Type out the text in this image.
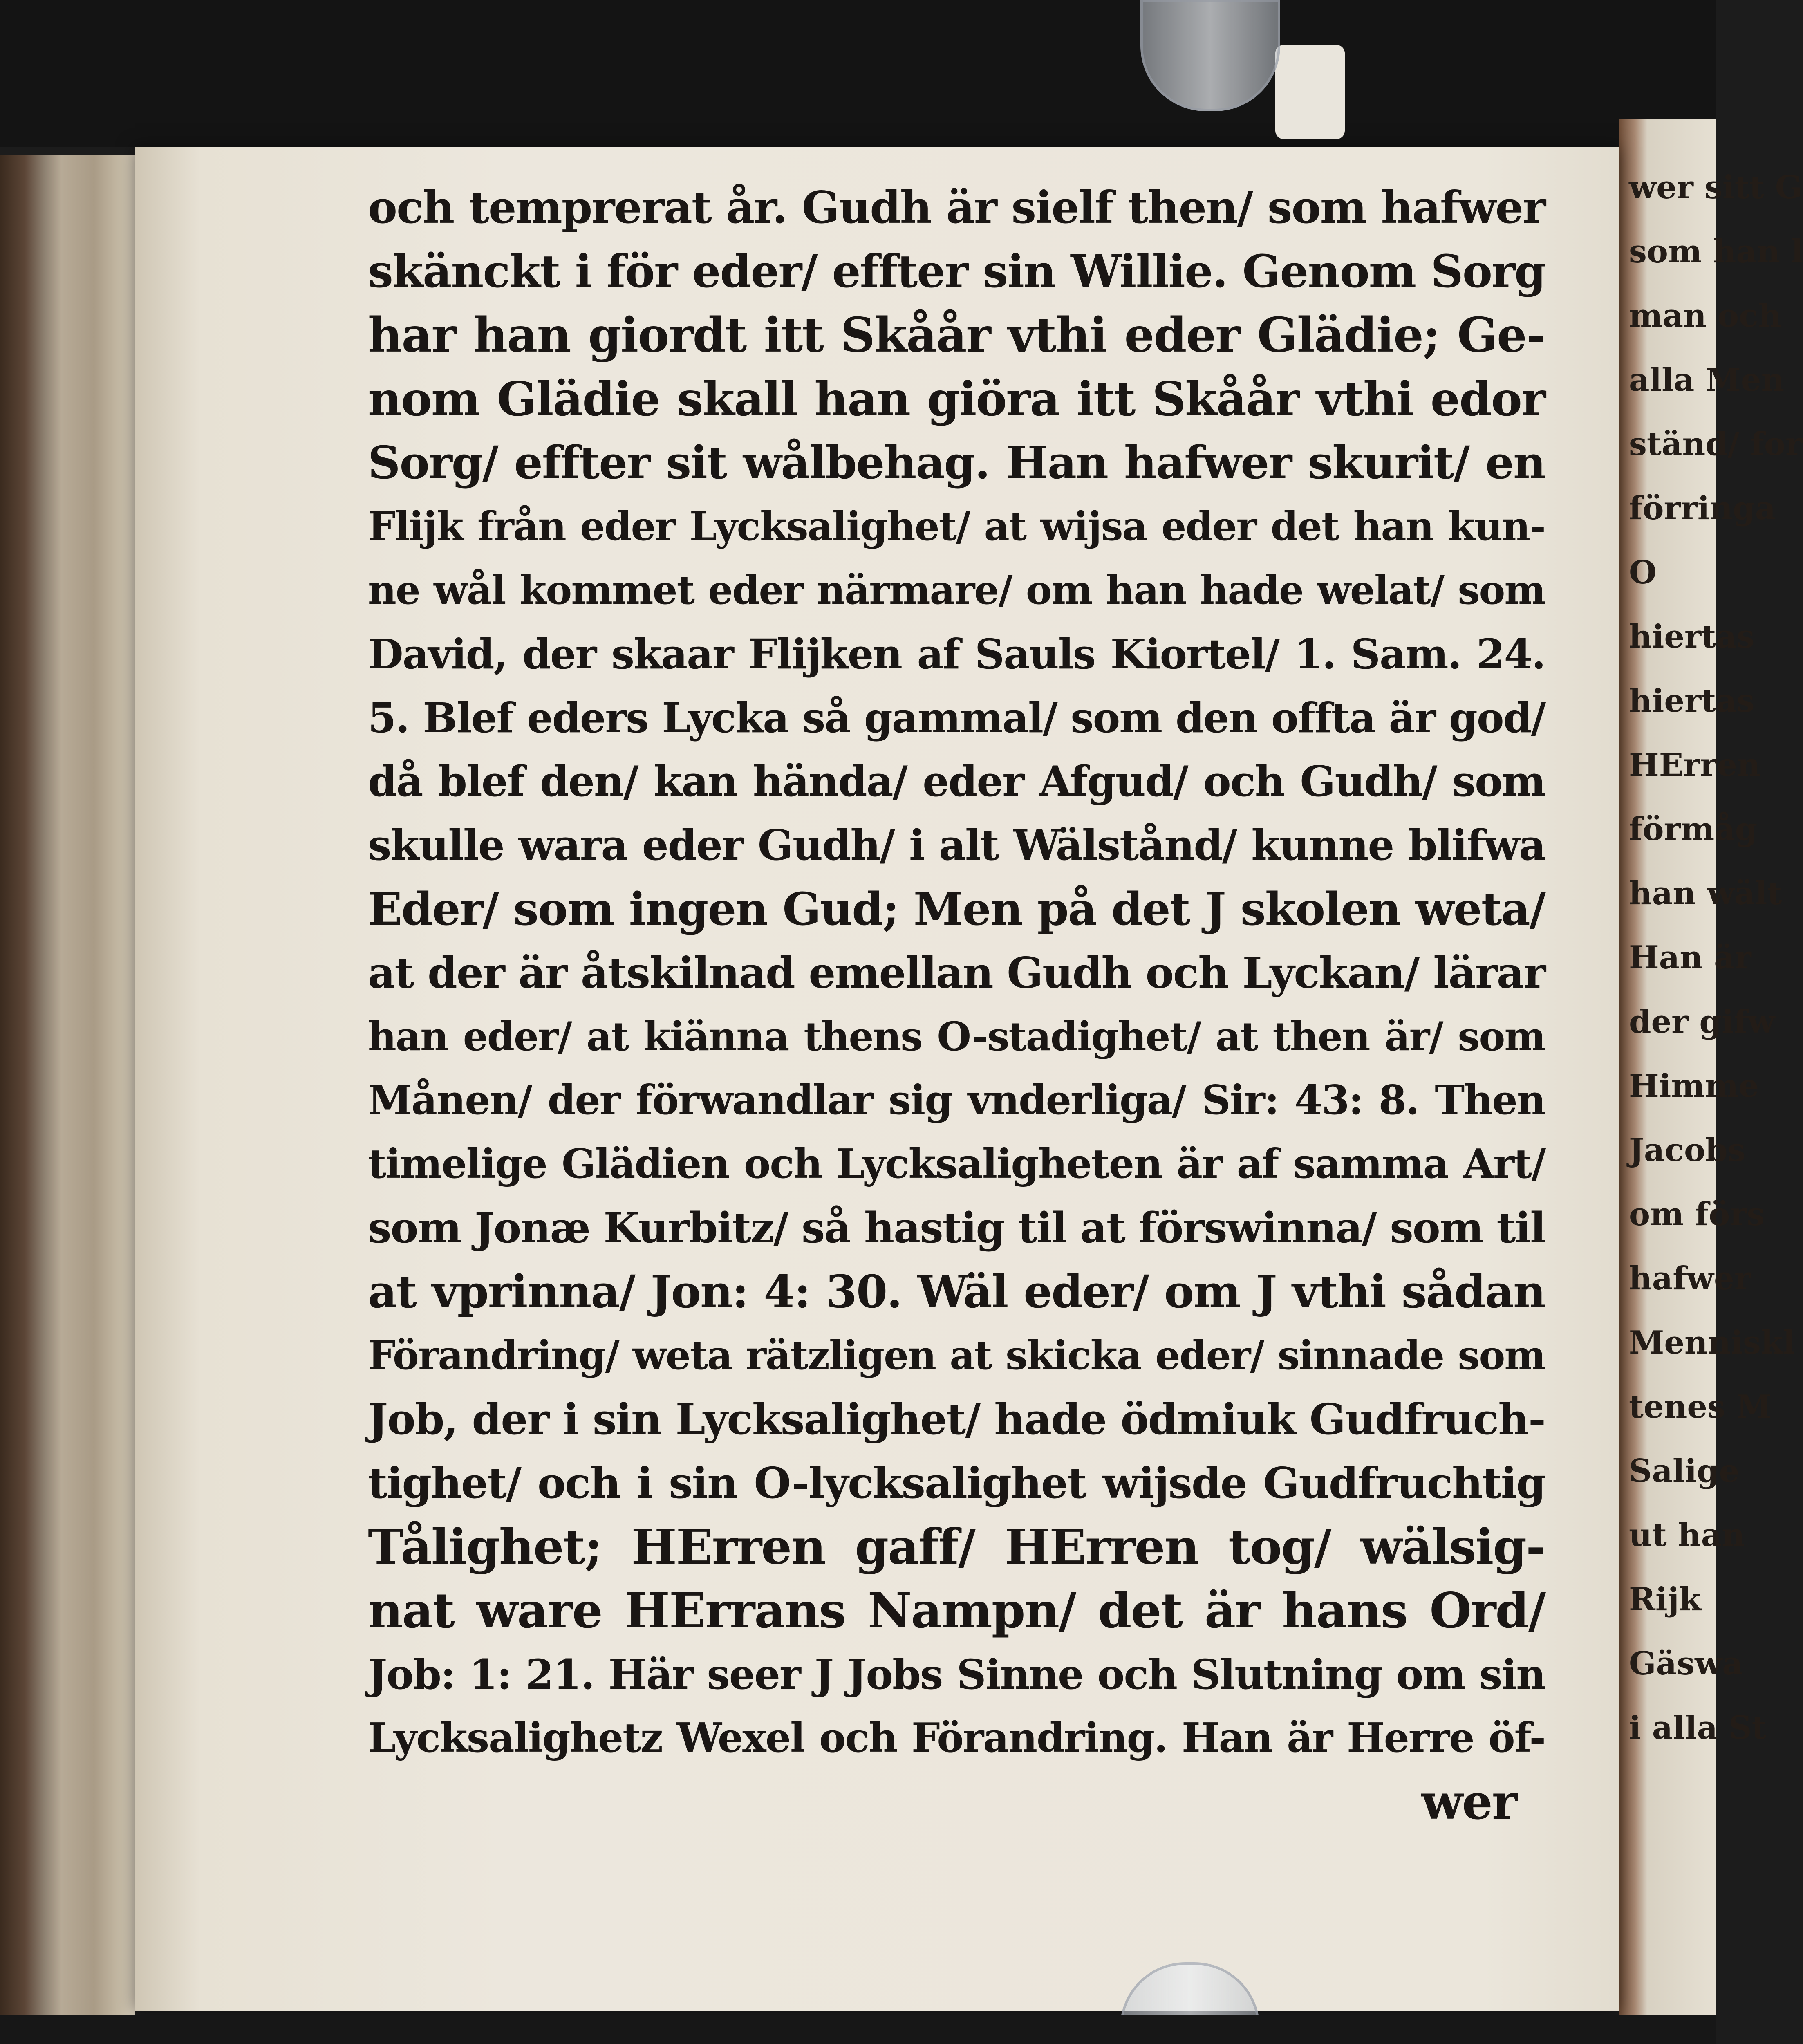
och temprerat år. Gudh är sielf then/ som hafwer
skänckt i för eder/ effter sin Willie. Genom Sorg
har han giordt itt Skåår vthi eder Glädie; Ge-
nom Glädie skall han giöra itt Skåår vthi edor
Sorg/ effter sit wålbehag. Han hafwer skurit/ en
Flijk från eder Lycksalighet/ at wijsa eder det han kun-
ne wål kommet eder närmare/ om han hade welat/ som
David, der skaar Flijken af Sauls Kiortel/ 1. Sam. 24.
5. Blef eders Lycka så gammal/ som den offta är god/
då blef den/ kan hända/ eder Afgud/ och Gudh/ som
skulle wara eder Gudh/ i alt Wälstånd/ kunne blifwa
Eder/ som ingen Gud; Men på det J skolen weta/
at der är åtskilnad emellan Gudh och Lyckan/ lärar
han eder/ at kiänna thens O-stadighet/ at then är/ som
Månen/ der förwandlar sig vnderliga/ Sir: 43: 8. Then
timelige Glädien och Lycksaligheten är af samma Art/
som Jonæ Kurbitz/ så hastig til at förswinna/ som til
at vprinna/ Jon: 4: 30. Wäl eder/ om J vthi sådan
Förandring/ weta rätzligen at skicka eder/ sinnade som
Job, der i sin Lycksalighet/ hade ödmiuk Gudfruch-
tighet/ och i sin O-lycksalighet wijsde Gudfruchtig
Tålighet; HErren gaff/ HErren tog/ wälsig-
nat ware HErrans Nampn/ det är hans Ord/
Job: 1: 21. Här seer J Jobs Sinne och Slutning om sin
Lycksalighetz Wexel och Förandring. Han är Herre öf-
wer
wer sitt G
som han l
man och
alla Men
ständ/ for
förringa
O
hiertas
hiertas
HErren
förmåg
han wält
Han är
der gifw
Himme
Jacobs
om förs
hafwer
Menniskl
tenes M
Salige
ut han
Rijk
Gäswa
i alla St
